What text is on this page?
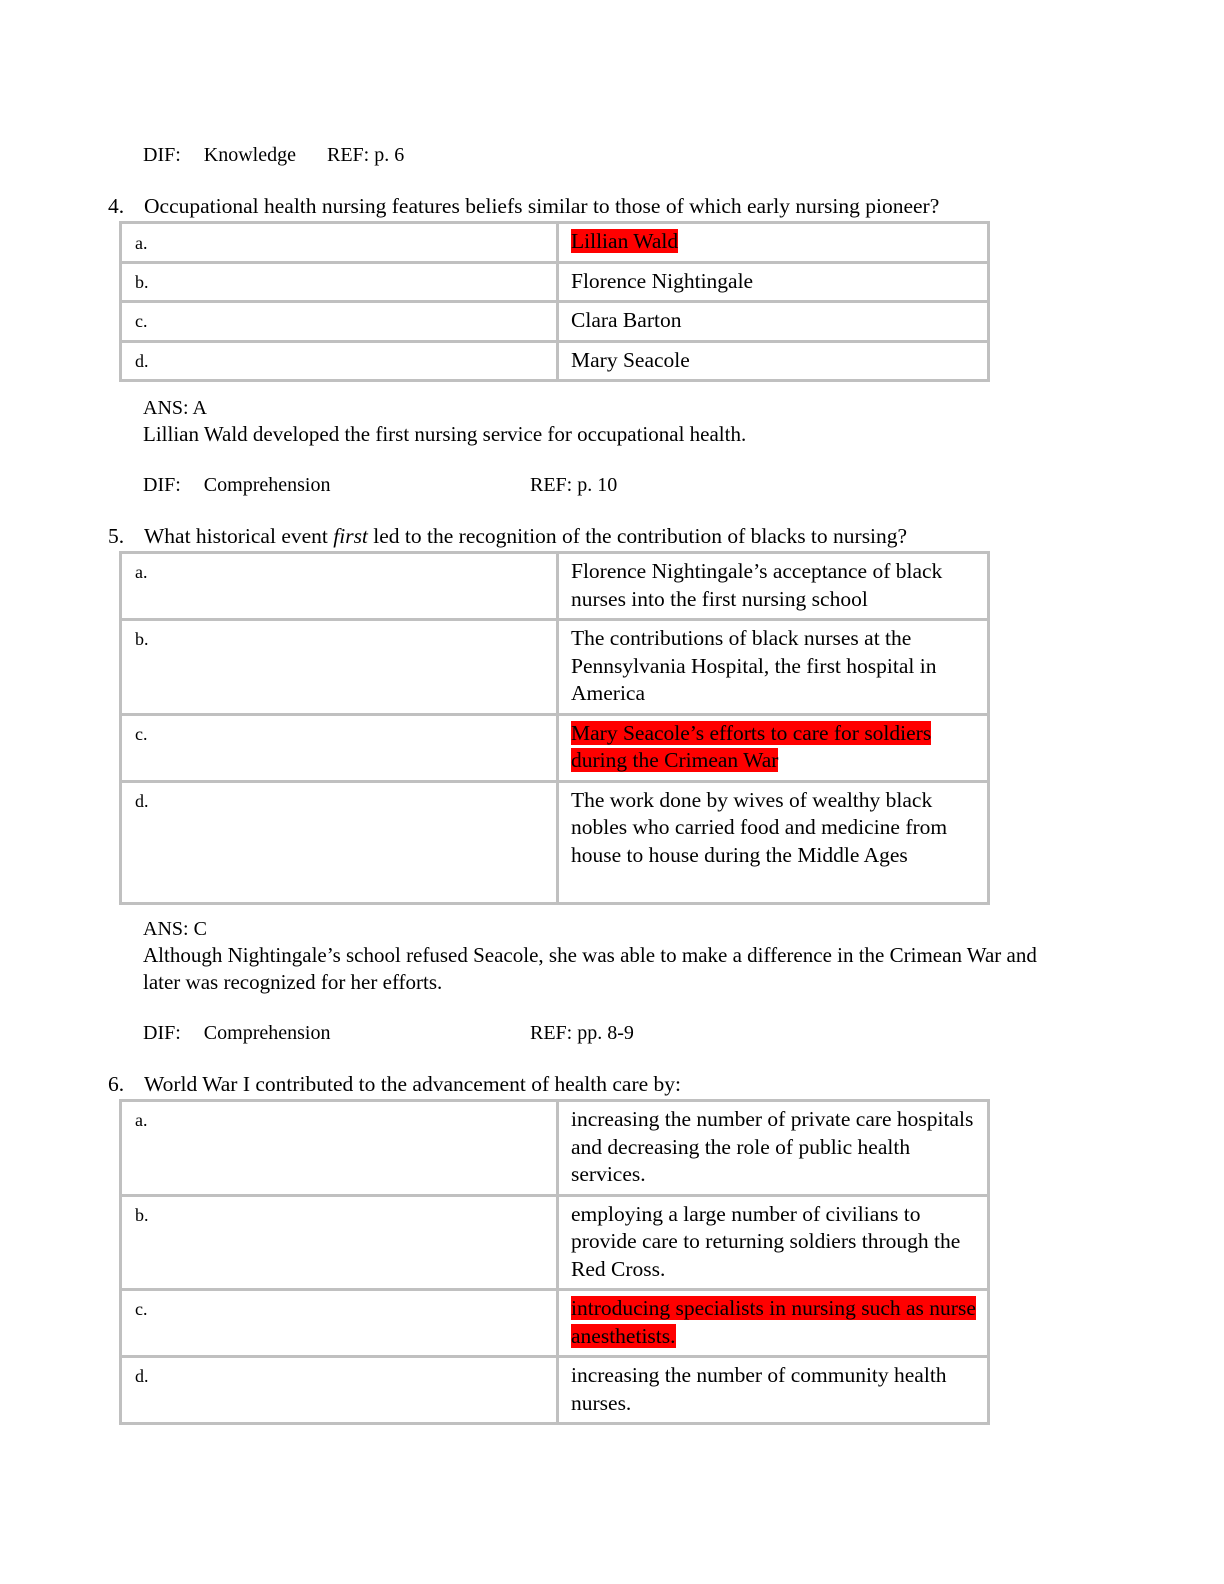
DIF: Knowledge REF: p. 6
4. Occupational health nursing features beliefs similar to those of which early nursing pioneer?
a.	Lillian Wald
b.	Florence Nightingale
c.	Clara Barton
d.	Mary Seacole
ANS: A
Lillian Wald developed the first nursing service for occupational health.
DIF: Comprehension	REF: p. 10
5. What historical event first led to the recognition of the contribution of blacks to nursing?
a.	Florence Nightingale’s acceptance of black nurses into the first nursing school
b.	The contributions of black nurses at the Pennsylvania Hospital, the first hospital in America
c.	Mary Seacole’s efforts to care for soldiers during the Crimean War
d.	The work done by wives of wealthy black nobles who carried food and medicine from house to house during the Middle Ages
ANS: C
Although Nightingale’s school refused Seacole, she was able to make a difference in the Crimean War and later was recognized for her efforts.
DIF: Comprehension	REF: pp. 8-9
6. World War I contributed to the advancement of health care by:
a.	increasing the number of private care hospitals and decreasing the role of public health services.
b.	employing a large number of civilians to provide care to returning soldiers through the Red Cross.
c.	introducing specialists in nursing such as nurse anesthetists.
d.	increasing the number of community health nurses.
